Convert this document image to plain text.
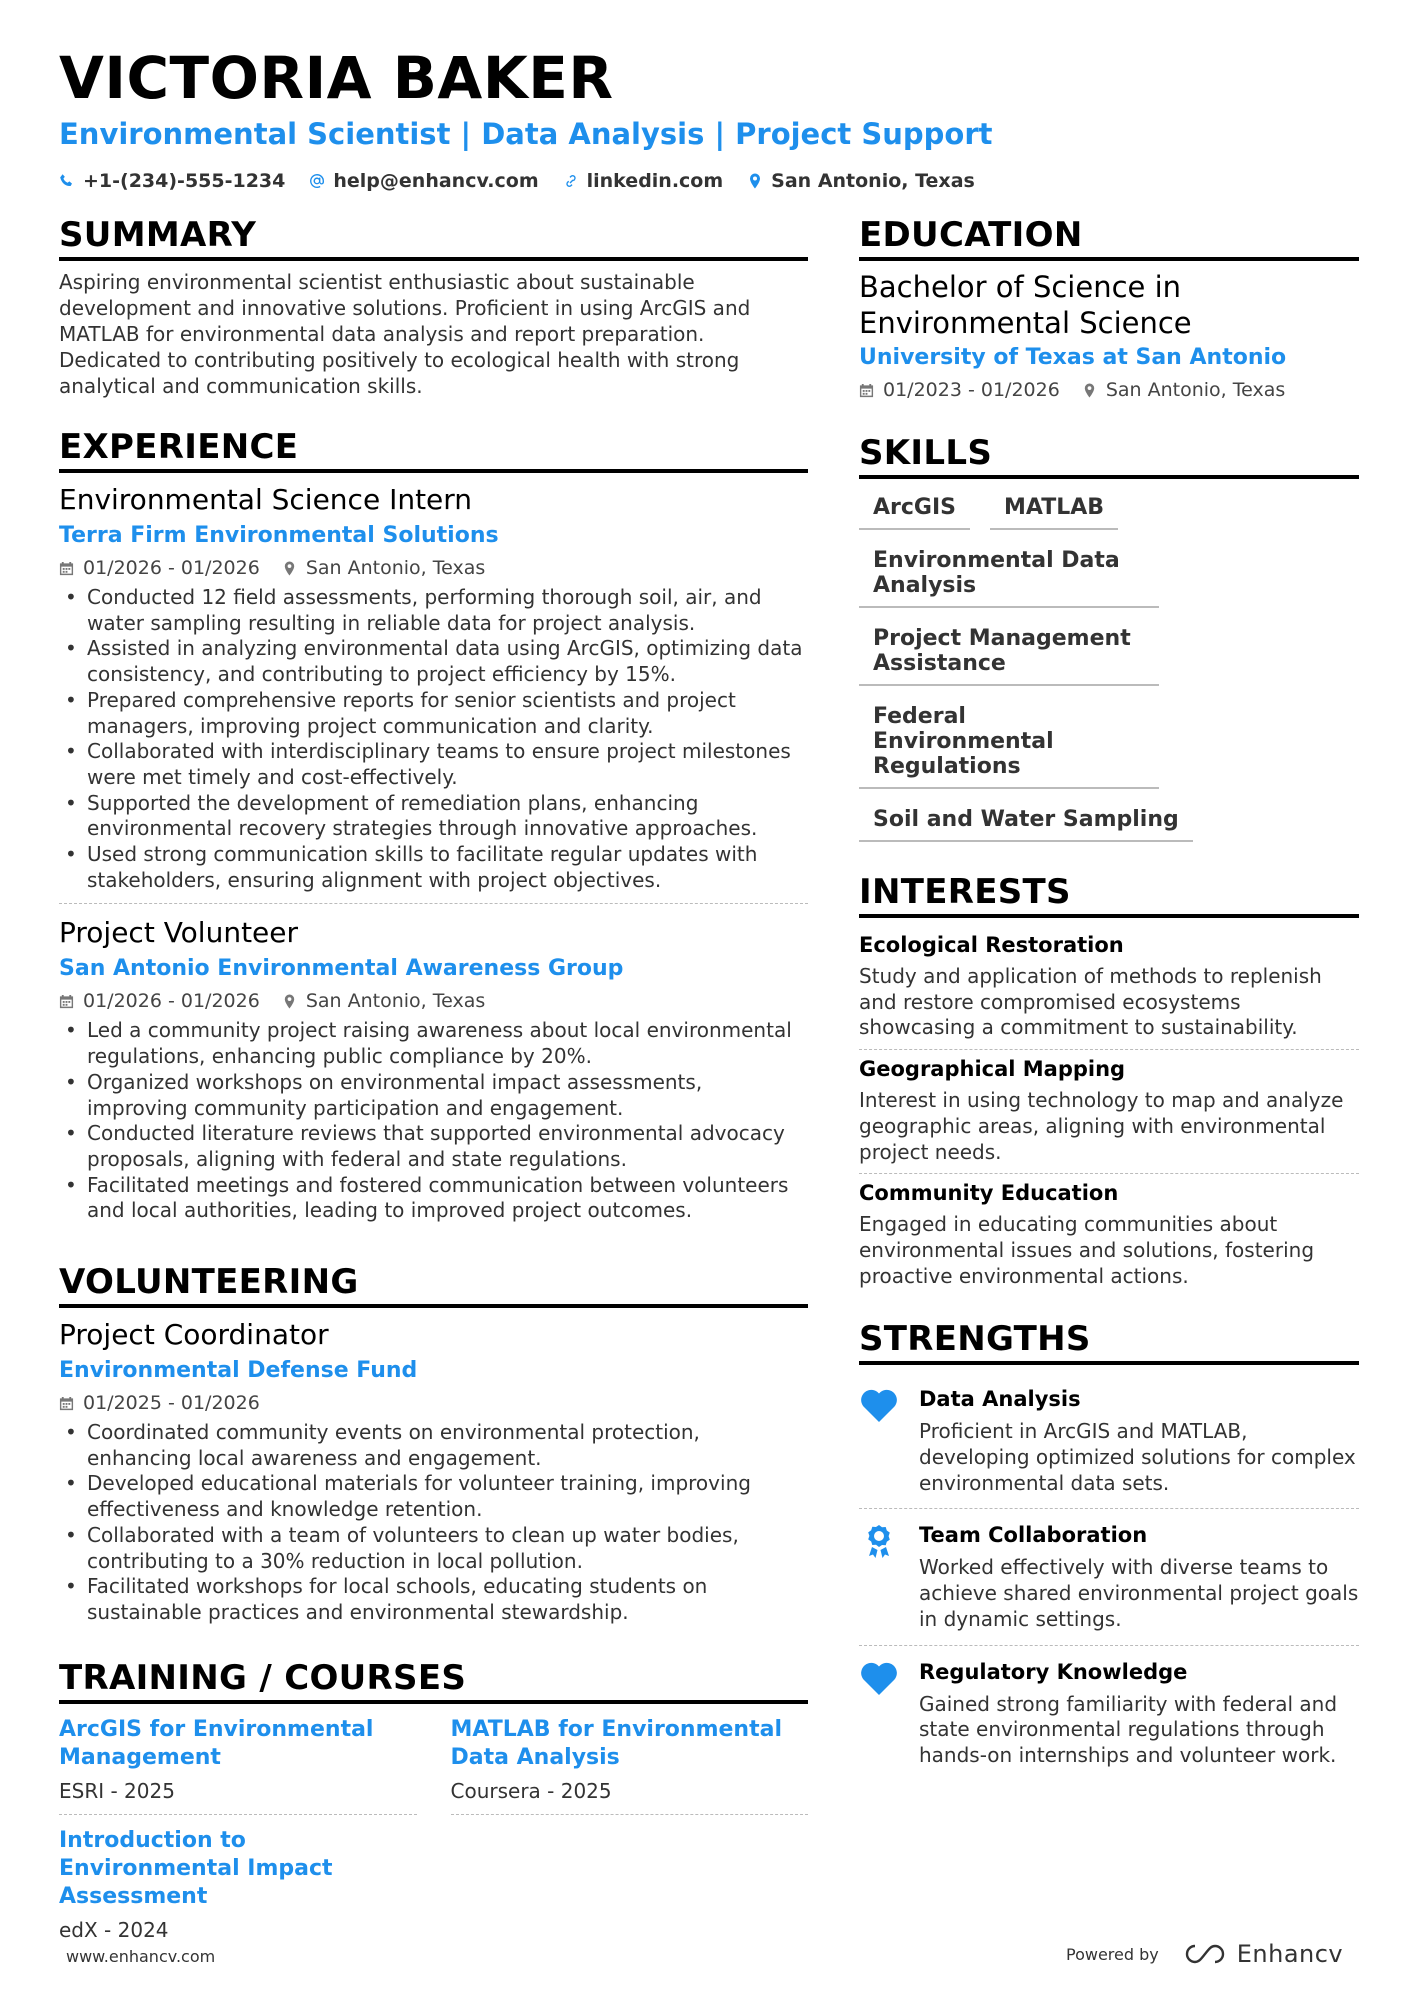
VICTORIA BAKER
Environmental Scientist | Data Analysis | Project Support
+1-(234)-555-1234	help@enhancv.com	linkedin.com	San Antonio, Texas
SUMMARY
Aspiring environmental scientist enthusiastic about sustainable development and innovative solutions. Proficient in using ArcGIS and MATLAB for environmental data analysis and report preparation. Dedicated to contributing positively to ecological health with strong analytical and communication skills.
EXPERIENCE
Environmental Science Intern
Terra Firm Environmental Solutions
01/2026 - 01/2026 San Antonio, Texas
• Conducted 12 field assessments, performing thorough soil, air, and water sampling resulting in reliable data for project analysis.
• Assisted in analyzing environmental data using ArcGIS, optimizing data consistency, and contributing to project efficiency by 15%.
• Prepared comprehensive reports for senior scientists and project managers, improving project communication and clarity.
• Collaborated with interdisciplinary teams to ensure project milestones were met timely and cost-effectively.
• Supported the development of remediation plans, enhancing environmental recovery strategies through innovative approaches.
• Used strong communication skills to facilitate regular updates with stakeholders, ensuring alignment with project objectives.
Project Volunteer
San Antonio Environmental Awareness Group
01/2026 - 01/2026 San Antonio, Texas
• Led a community project raising awareness about local environmental regulations, enhancing public compliance by 20%.
• Organized workshops on environmental impact assessments, improving community participation and engagement.
• Conducted literature reviews that supported environmental advocacy proposals, aligning with federal and state regulations.
• Facilitated meetings and fostered communication between volunteers and local authorities, leading to improved project outcomes.
VOLUNTEERING
Project Coordinator
Environmental Defense Fund
01/2025 - 01/2026
• Coordinated community events on environmental protection, enhancing local awareness and engagement.
• Developed educational materials for volunteer training, improving effectiveness and knowledge retention.
• Collaborated with a team of volunteers to clean up water bodies, contributing to a 30% reduction in local pollution.
• Facilitated workshops for local schools, educating students on sustainable practices and environmental stewardship.
TRAINING / COURSES
ArcGIS for Environmental Management
ESRI - 2025
MATLAB for Environmental Data Analysis
Coursera - 2025
Introduction to Environmental Impact Assessment
edX - 2024
EDUCATION
Bachelor of Science in Environmental Science
University of Texas at San Antonio
01/2023 - 01/2026 San Antonio, Texas
SKILLS
ArcGIS	MATLAB
Environmental Data Analysis
Project Management Assistance
Federal Environmental Regulations
Soil and Water Sampling
INTERESTS
Ecological Restoration
Study and application of methods to replenish and restore compromised ecosystems showcasing a commitment to sustainability.
Geographical Mapping
Interest in using technology to map and analyze geographic areas, aligning with environmental project needs.
Community Education
Engaged in educating communities about environmental issues and solutions, fostering proactive environmental actions.
STRENGTHS
Data Analysis
Proficient in ArcGIS and MATLAB, developing optimized solutions for complex environmental data sets.
Team Collaboration
Worked effectively with diverse teams to achieve shared environmental project goals in dynamic settings.
Regulatory Knowledge
Gained strong familiarity with federal and state environmental regulations through hands-on internships and volunteer work.
www.enhancv.com	Powered by	Enhancv
